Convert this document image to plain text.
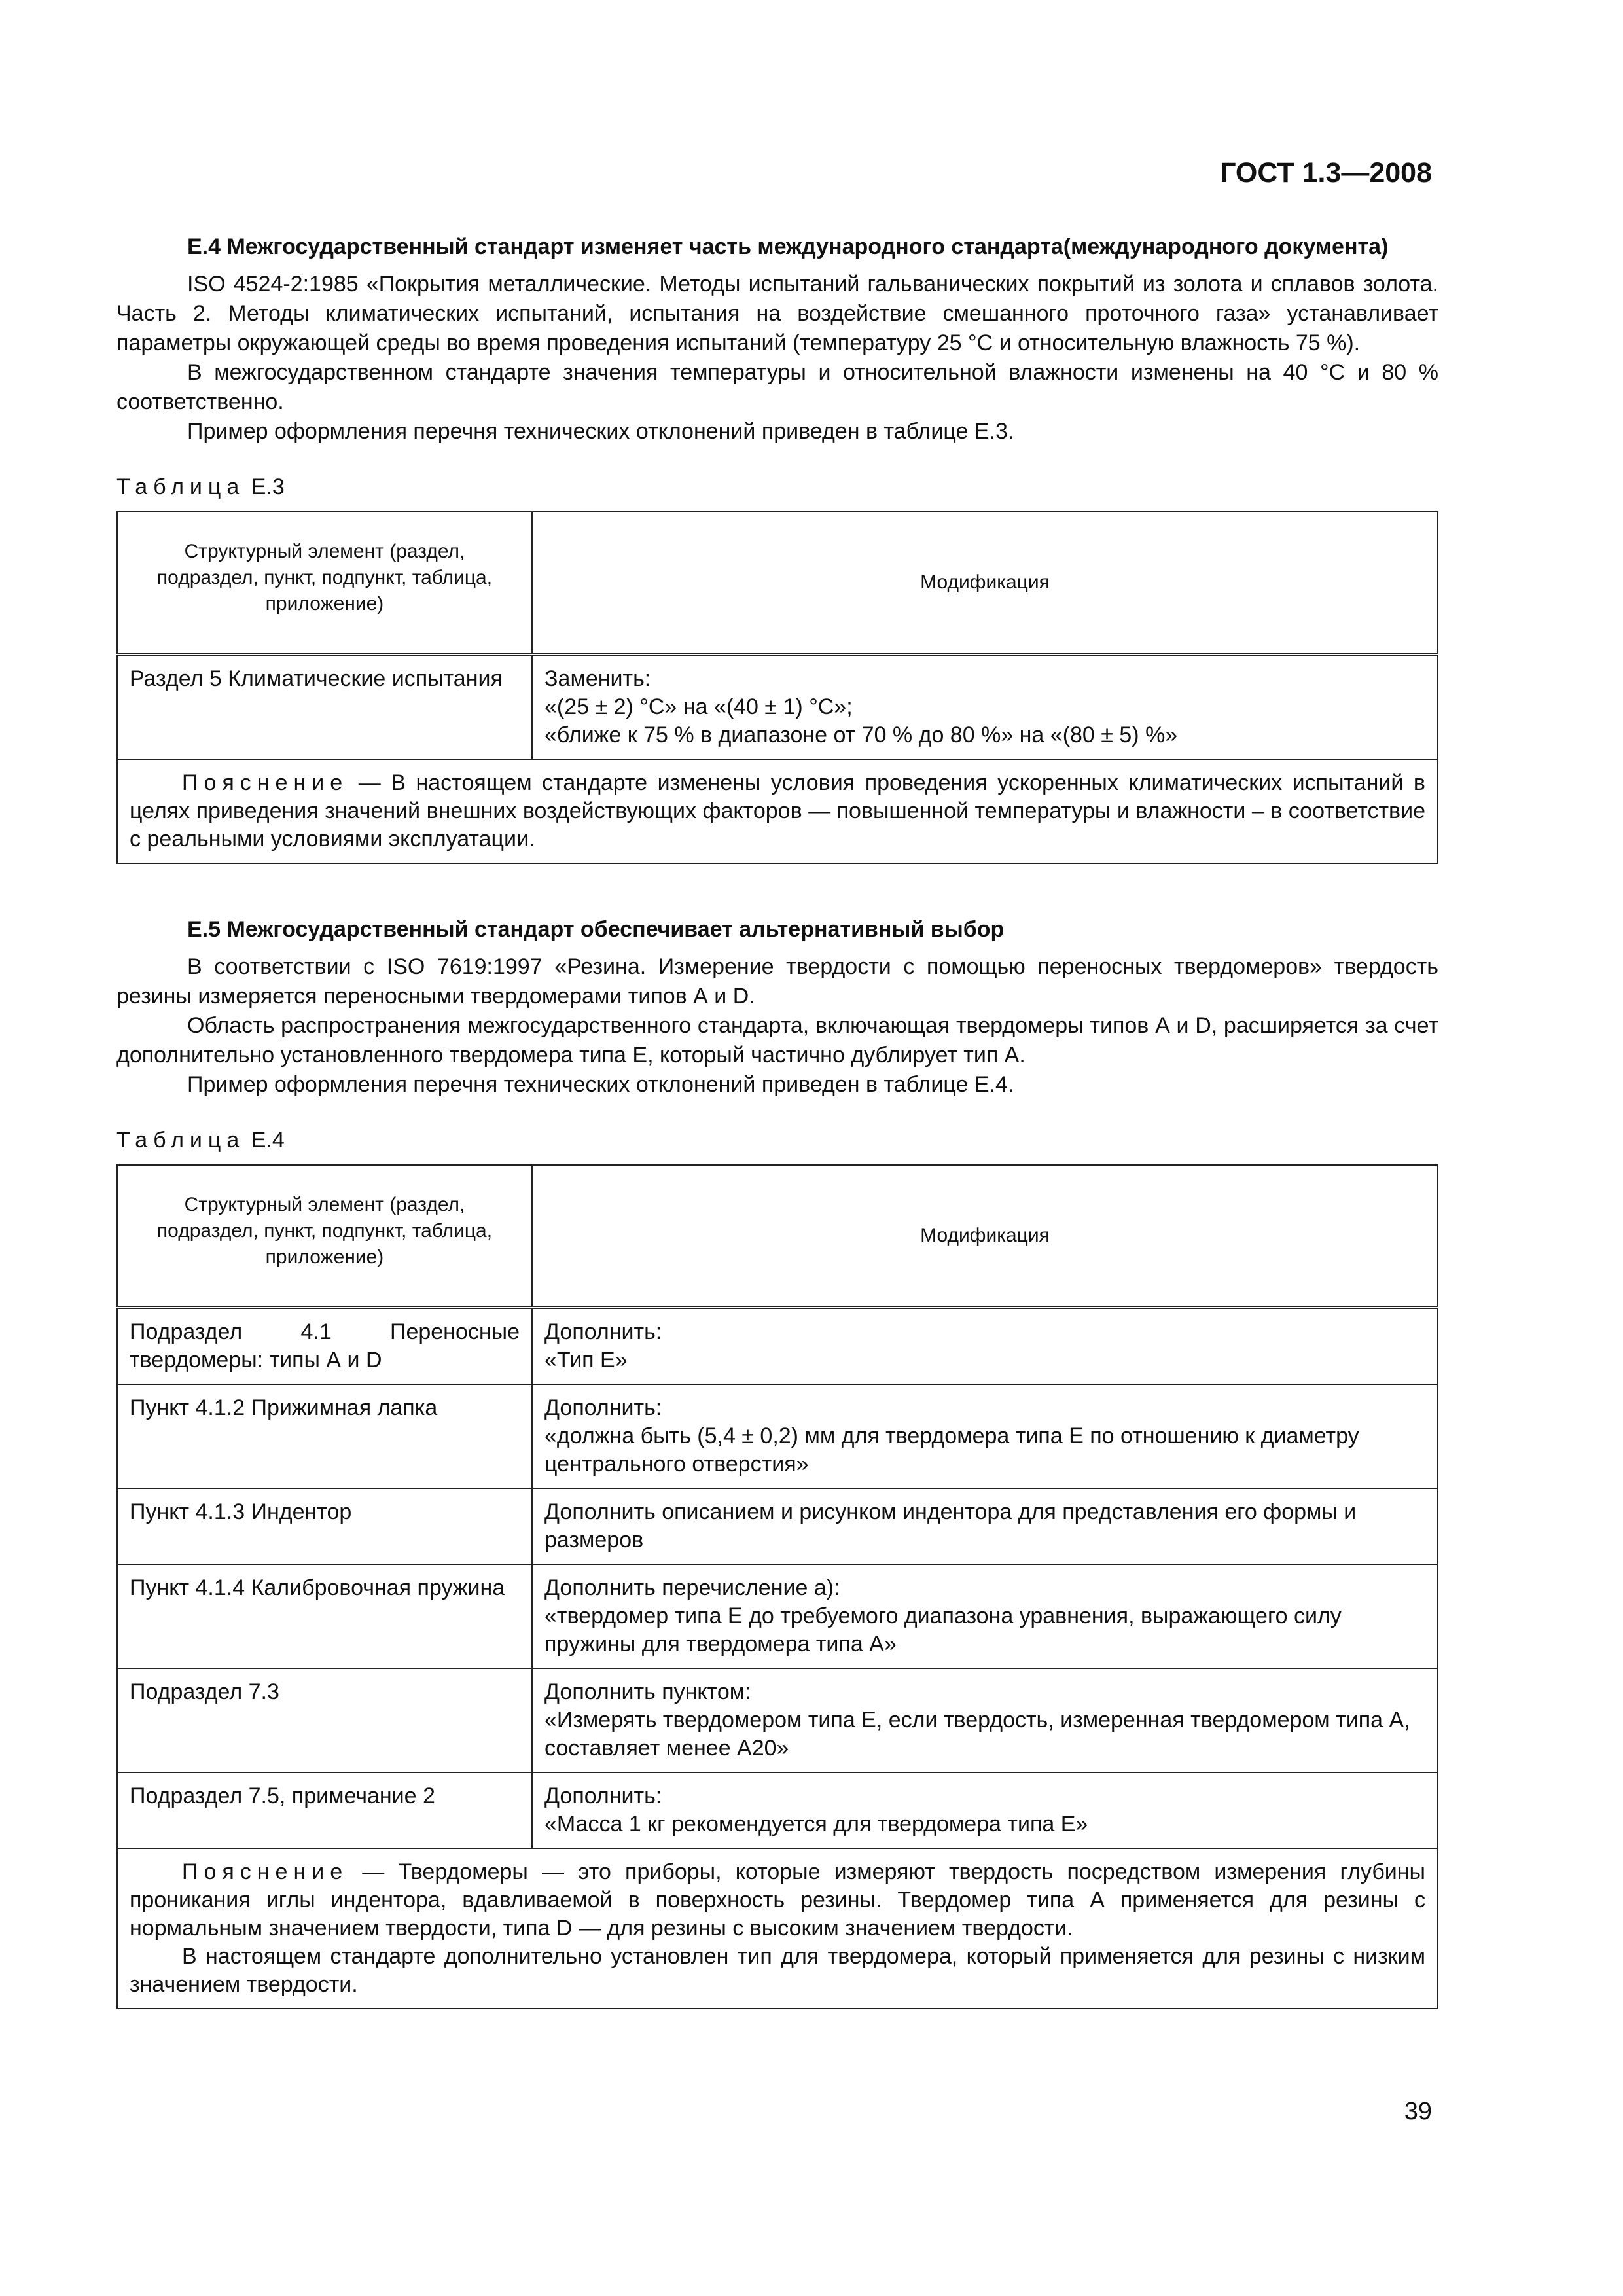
ГОСТ 1.3—2008

Е.4 Межгосударственный стандарт изменяет часть международного стандарта(международного документа)

ISO 4524-2:1985 «Покрытия металлические. Методы испытаний гальванических покрытий из золота и сплавов золота. Часть 2. Методы климатических испытаний, испытания на воздействие смешанного проточного газа» устанавливает параметры окружающей среды во время проведения испытаний (температуру 25 °С и относительную влажность 75 %).

В межгосударственном стандарте значения температуры и относительной влажности изменены на 40 °С и 80 % соответственно.

Пример оформления перечня технических отклонений приведен в таблице Е.3.

Таблица Е.3
Структурный элемент (раздел, подраздел, пункт, подпункт, таблица, приложение)	Модификация
Раздел 5 Климатические испытания	Заменить:
«(25 ± 2) °С» на «(40 ± 1) °С»;
«ближе к 75 % в диапазоне от 70 % до 80 %» на «(80 ± 5) %»

Пояснение — В настоящем стандарте изменены условия проведения ускоренных климатических испытаний в целях приведения значений внешних воздействующих факторов — повышенной температуры и влажности – в соответствие с реальными условиями эксплуатации.	

Е.5 Межгосударственный стандарт обеспечивает альтернативный выбор

В соответствии с ISO 7619:1997 «Резина. Измерение твердости с помощью переносных твердомеров» твердость резины измеряется переносными твердомерами типов А и D.

Область распространения межгосударственного стандарта, включающая твердомеры типов А и D, расширяется за счет дополнительно установленного твердомера типа Е, который частично дублирует тип А.

Пример оформления перечня технических отклонений приведен в таблице Е.4.

Таблица Е.4
Структурный элемент (раздел, подраздел, пункт, подпункт, таблица, приложение)	Модификация
Подраздел 4.1 Переносные твердомеры: типы А и D	Дополнить:
«Тип Е»

Пункт 4.1.2 Прижимная лапка	Дополнить:
«должна быть (5,4 ± 0,2) мм для твердомера типа Е по отношению к диаметру центрального отверстия»

Пункт 4.1.3 Индентор	Дополнить описанием и рисунком индентора для представления его формы и размеров

Пункт 4.1.4 Калибровочная пружина	Дополнить перечисление а):
«твердомер типа Е до требуемого диапазона уравнения, выражающего силу пружины для твердомера типа А»

Подраздел 7.3	Дополнить пунктом:
«Измерять твердомером типа Е, если твердость, измеренная твердомером типа А, составляет менее А20»

Подраздел 7.5, примечание 2	Дополнить:
«Масса 1 кг рекомендуется для твердомера типа Е»

Пояснение — Твердомеры — это приборы, которые измеряют твердость посредством измерения глубины проникания иглы индентора, вдавливаемой в поверхность резины. Твердомер типа А применяется для резины с нормальным значением твердости, типа D — для резины с высоким значением твердости.

В настоящем стандарте дополнительно установлен тип для твердомера, который применяется для резины с низким значением твердости.	

39
